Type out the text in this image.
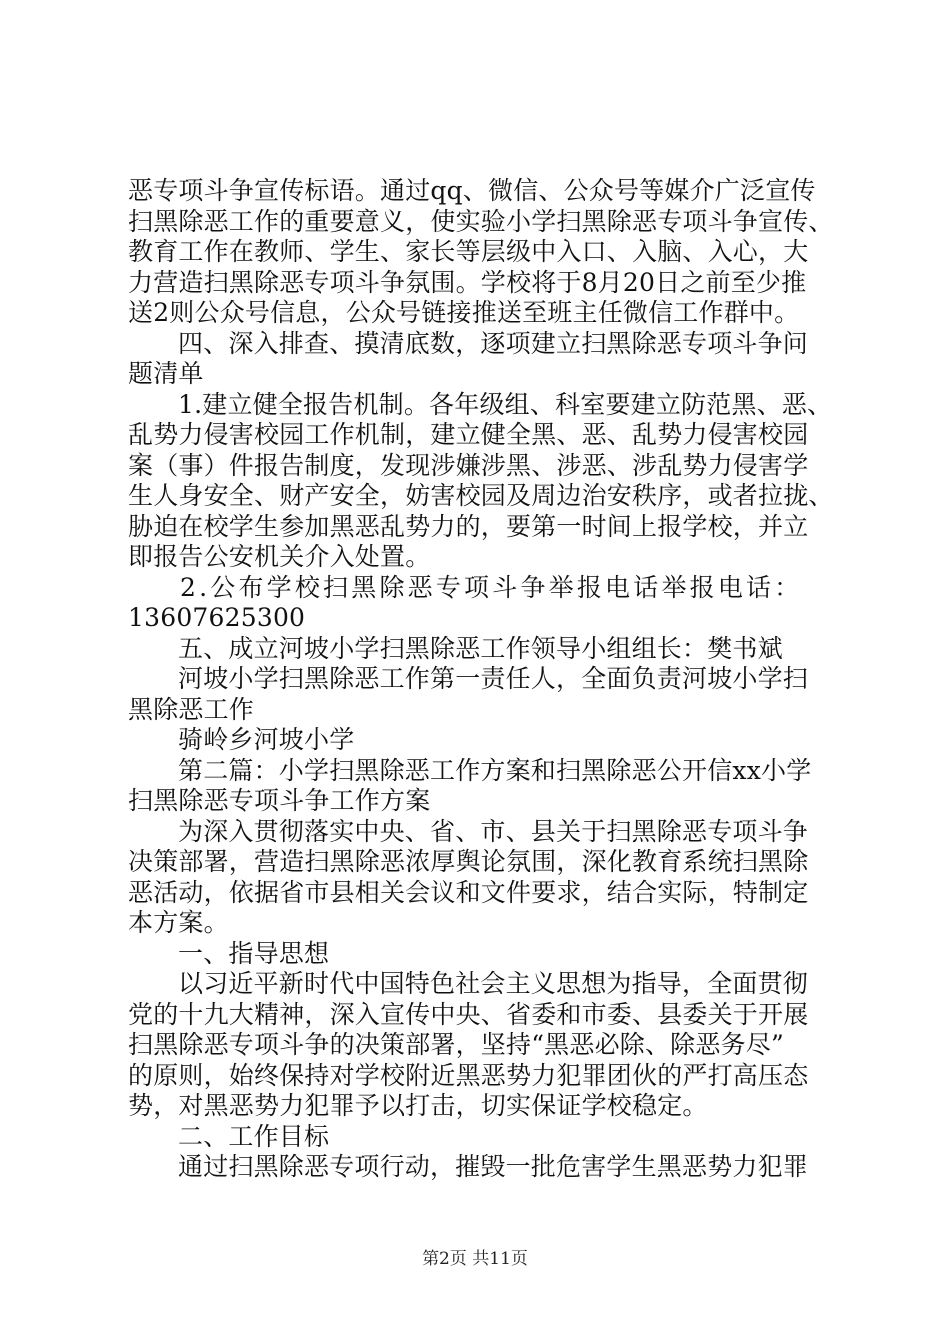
恶专项斗争宣传标语。通过qq、微信、公众号等媒介广泛宣传
扫黑除恶工作的重要意义，使实验小学扫黑除恶专项斗争宣传、
教育工作在教师、学生、家长等层级中入口、入脑、入心，大
力营造扫黑除恶专项斗争氛围。学校将于8月20日之前至少推
送2则公众号信息，公众号链接推送至班主任微信工作群中。
四、深入排查、摸清底数，逐项建立扫黑除恶专项斗争问
题清单
1.建立健全报告机制。各年级组、科室要建立防范黑、恶、
乱势力侵害校园工作机制，建立健全黑、恶、乱势力侵害校园
案（事）件报告制度，发现涉嫌涉黑、涉恶、涉乱势力侵害学
生人身安全、财产安全，妨害校园及周边治安秩序，或者拉拢、
胁迫在校学生参加黑恶乱势力的，要第一时间上报学校，并立
即报告公安机关介入处置。
2.公布学校扫黑除恶专项斗争举报电话举报电话：
13607625300
五、成立河坡小学扫黑除恶工作领导小组组长：樊书斌
河坡小学扫黑除恶工作第一责任人，全面负责河坡小学扫
黑除恶工作
骑岭乡河坡小学
第二篇：小学扫黑除恶工作方案和扫黑除恶公开信xx小学
扫黑除恶专项斗争工作方案
为深入贯彻落实中央、省、市、县关于扫黑除恶专项斗争
决策部署，营造扫黑除恶浓厚舆论氛围，深化教育系统扫黑除
恶活动，依据省市县相关会议和文件要求，结合实际，特制定
本方案。
一、指导思想
以习近平新时代中国特色社会主义思想为指导，全面贯彻
党的十九大精神，深入宣传中央、省委和市委、县委关于开展
扫黑除恶专项斗争的决策部署，坚持“黑恶必除、除恶务尽”
的原则，始终保持对学校附近黑恶势力犯罪团伙的严打高压态
势，对黑恶势力犯罪予以打击，切实保证学校稳定。
二、工作目标
通过扫黑除恶专项行动，摧毁一批危害学生黑恶势力犯罪
第2页 共11页
